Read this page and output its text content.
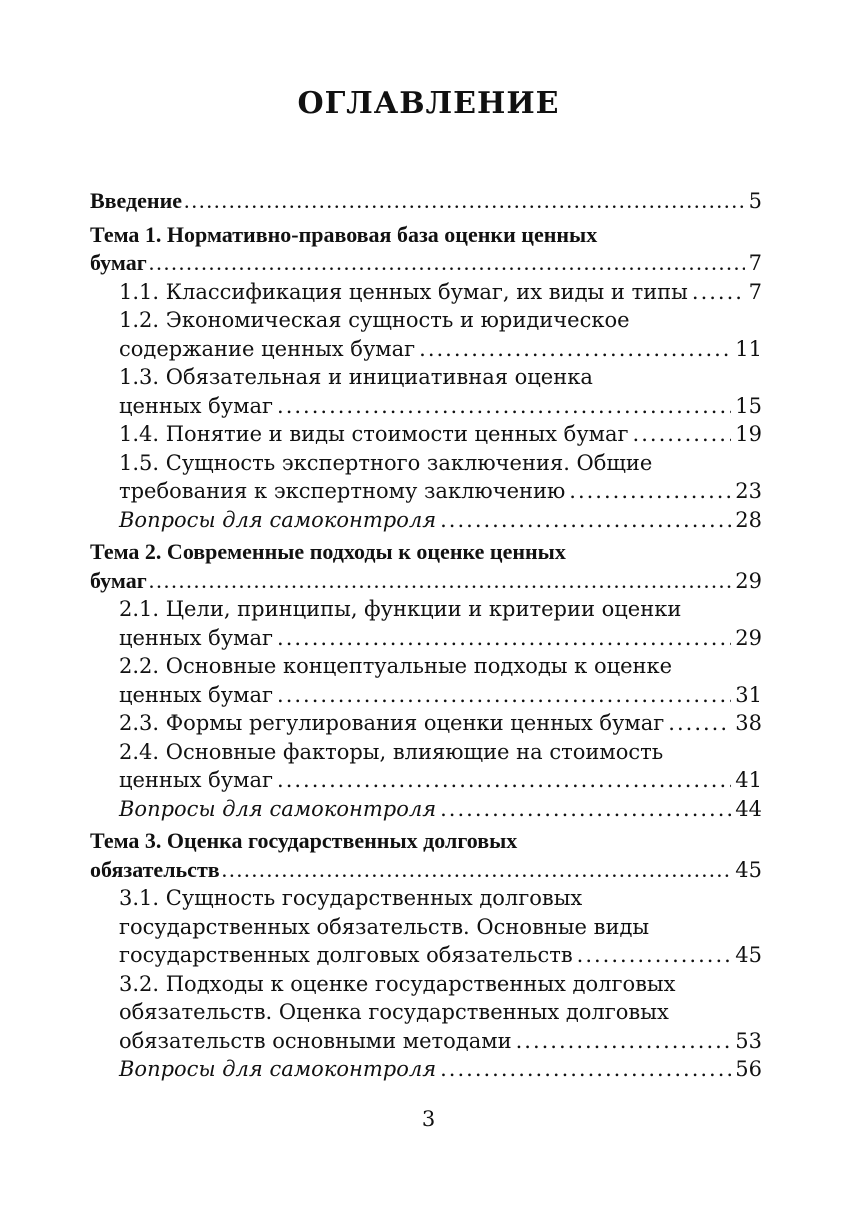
ОГЛАВЛЕНИЕ
Введение .....	5
Тема 1. Нормативно-правовая база оценки ценных
бумаг .....	7
1.1. Классификация ценных бумаг, их виды и типы .....	7
1.2. Экономическая сущность и юридическое
содержание ценных бумаг .....	11
1.3. Обязательная и инициативная оценка
ценных бумаг .....	15
1.4. Понятие и виды стоимости ценных бумаг .....	19
1.5. Сущность экспертного заключения. Общие
требования к экспертному заключению .....	23
Вопросы для самоконтроля .....	28
Тема 2. Современные подходы к оценке ценных
бумаг .....	29
2.1. Цели, принципы, функции и критерии оценки
ценных бумаг .....	29
2.2. Основные концептуальные подходы к оценке
ценных бумаг .....	31
2.3. Формы регулирования оценки ценных бумаг .....	38
2.4. Основные факторы, влияющие на стоимость
ценных бумаг .....	41
Вопросы для самоконтроля .....	44
Тема 3. Оценка государственных долговых
обязательств .....	45
3.1. Сущность государственных долговых
государственных обязательств. Основные виды
государственных долговых обязательств .....	45
3.2. Подходы к оценке государственных долговых
обязательств. Оценка государственных долговых
обязательств основными методами .....	53
Вопросы для самоконтроля .....	56
3
